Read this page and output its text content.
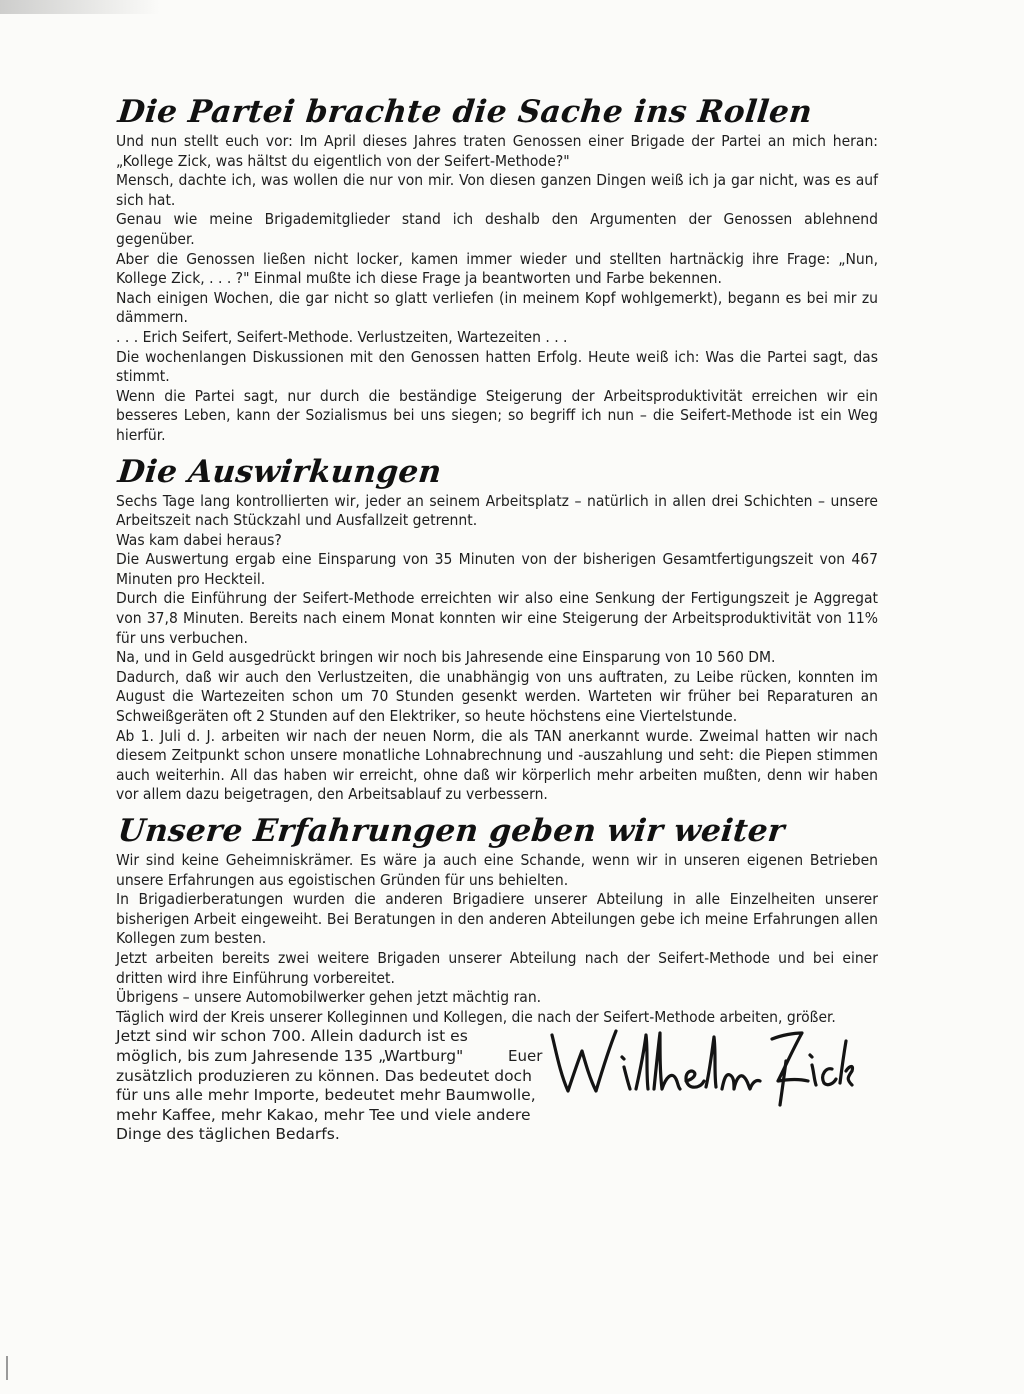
Die Partei brachte die Sache ins Rollen

Und nun stellt euch vor: Im April dieses Jahres traten Genossen einer Brigade der Partei an mich heran: „Kollege Zick, was hältst du eigentlich von der Seifert-Methode?"

Mensch, dachte ich, was wollen die nur von mir. Von diesen ganzen Dingen weiß ich ja gar nicht, was es auf sich hat.

Genau wie meine Brigademitglieder stand ich deshalb den Argumenten der Genossen ablehnend gegenüber.

Aber die Genossen ließen nicht locker, kamen immer wieder und stellten hartnäckig ihre Frage: „Nun, Kollege Zick, . . . ?" Einmal mußte ich diese Frage ja beantworten und Farbe bekennen.

Nach einigen Wochen, die gar nicht so glatt verliefen (in meinem Kopf wohlgemerkt), begann es bei mir zu dämmern.

. . . Erich Seifert, Seifert-Methode. Verlustzeiten, Wartezeiten . . .

Die wochenlangen Diskussionen mit den Genossen hatten Erfolg. Heute weiß ich: Was die Partei sagt, das stimmt.

Wenn die Partei sagt, nur durch die beständige Steigerung der Arbeitsproduktivität erreichen wir ein besseres Leben, kann der Sozialismus bei uns siegen; so begriff ich nun – die Seifert-Methode ist ein Weg hierfür.

Die Auswirkungen

Sechs Tage lang kontrollierten wir, jeder an seinem Arbeitsplatz – natürlich in allen drei Schichten – unsere Arbeitszeit nach Stückzahl und Ausfallzeit getrennt.

Was kam dabei heraus?

Die Auswertung ergab eine Einsparung von 35 Minuten von der bisherigen Gesamtfertigungszeit von 467 Minuten pro Heckteil.

Durch die Einführung der Seifert-Methode erreichten wir also eine Senkung der Fertigungszeit je Aggregat von 37,8 Minuten. Bereits nach einem Monat konnten wir eine Steigerung der Arbeitsproduktivität von 11% für uns verbuchen.

Na, und in Geld ausgedrückt bringen wir noch bis Jahresende eine Einsparung von 10 560 DM.

Dadurch, daß wir auch den Verlustzeiten, die unabhängig von uns auftraten, zu Leibe rücken, konnten im August die Wartezeiten schon um 70 Stunden gesenkt werden. Warteten wir früher bei Reparaturen an Schweißgeräten oft 2 Stunden auf den Elektriker, so heute höchstens eine Viertelstunde.

Ab 1. Juli d. J. arbeiten wir nach der neuen Norm, die als TAN anerkannt wurde. Zweimal hatten wir nach diesem Zeitpunkt schon unsere monatliche Lohnabrechnung und -auszahlung und seht: die Piepen stimmen auch weiterhin. All das haben wir erreicht, ohne daß wir körperlich mehr arbeiten mußten, denn wir haben vor allem dazu beigetragen, den Arbeitsablauf zu verbessern.

Unsere Erfahrungen geben wir weiter

Wir sind keine Geheimniskrämer. Es wäre ja auch eine Schande, wenn wir in unseren eigenen Betrieben unsere Erfahrungen aus egoistischen Gründen für uns behielten.

In Brigadierberatungen wurden die anderen Brigadiere unserer Abteilung in alle Einzelheiten unserer bisherigen Arbeit eingeweiht. Bei Beratungen in den anderen Abteilungen gebe ich meine Erfahrungen allen Kollegen zum besten.

Jetzt arbeiten bereits zwei weitere Brigaden unserer Abteilung nach der Seifert-Methode und bei einer dritten wird ihre Einführung vorbereitet.

Übrigens – unsere Automobilwerker gehen jetzt mächtig ran.

Täglich wird der Kreis unserer Kolleginnen und Kollegen, die nach der Seifert-Methode arbeiten, größer.

Jetzt sind wir schon 700. Allein dadurch ist es möglich, bis zum Jahresende 135 „Wartburg" zusätzlich produzieren zu können. Das bedeutet doch für uns alle mehr Importe, bedeutet mehr Baumwolle, mehr Kaffee, mehr Kakao, mehr Tee und viele andere Dinge des täglichen Bedarfs.
Euer
